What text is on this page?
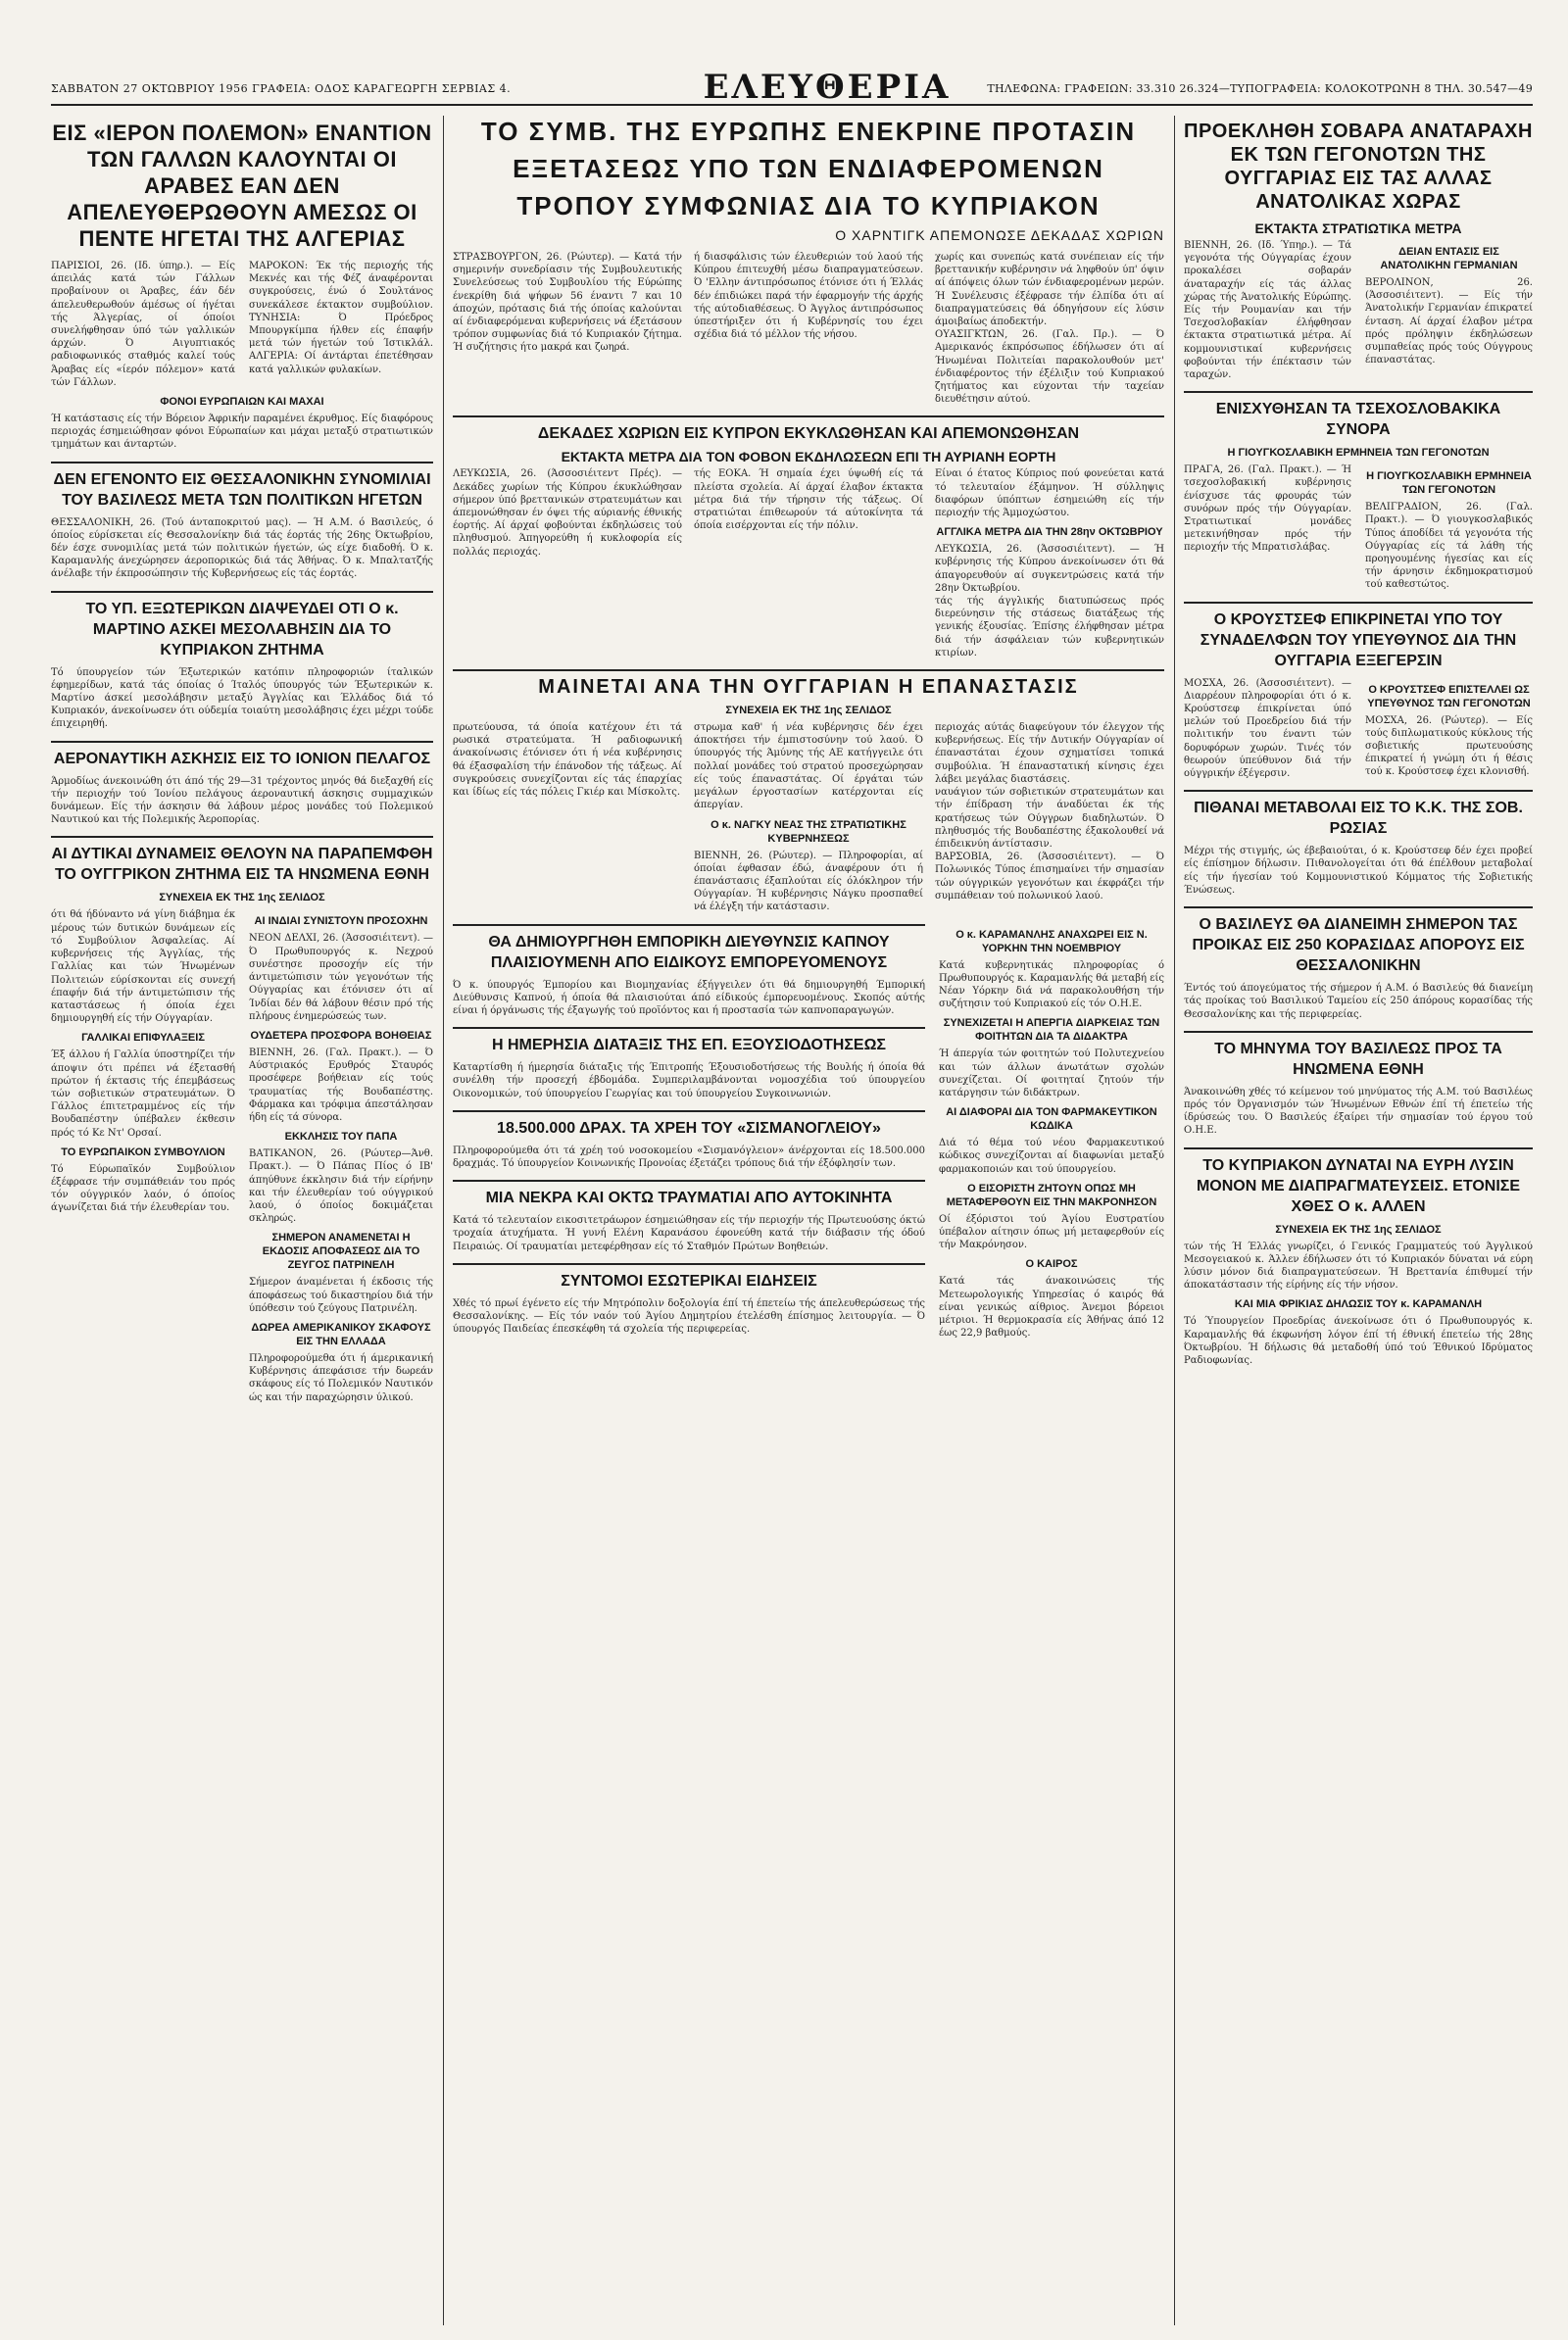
ΣΑΒΒΑΤΟΝ 27 ΟΚΤΩΒΡΙΟΥ 1956 ΓΡΑΦΕΙΑ: ΟΔΟΣ ΚΑΡΑΓΕΩΡΓΗ ΣΕΡΒΙΑΣ 4.	ΕΛΕΥΘΕΡΙΑ	ΤΗΛΕΦΩΝΑ: ΓΡΑΦΕΙΩΝ: 33.310 26.324—ΤΥΠΟΓΡΑΦΕΙΑ: ΚΟΛΟΚΟΤΡΩΝΗ 8 ΤΗΛ. 30.547—49
ΕΙΣ «ΙΕΡΟΝ ΠΟΛΕΜΟΝ» ΕΝΑΝΤΙΟΝ ΤΩΝ ΓΑΛΛΩΝ ΚΑΛΟΥΝΤΑΙ ΟΙ ΑΡΑΒΕΣ ΕΑΝ ΔΕΝ ΑΠΕΛΕΥΘΕΡΩΘΟΥΝ ΑΜΕΣΩΣ ΟΙ ΠΕΝΤΕ ΗΓΕΤΑΙ ΤΗΣ ΑΛΓΕΡΙΑΣ

ΠΑΡΙΣΙΟΙ, 26. (Ιδ. ύπηρ.). — Είς άπειλάς κατά τών Γάλλων προβαίνουν οι Άραβες, έάν δέν άπελευθερωθούν άμέσως οί ήγέται τής Άλγερίας, οί όποίοι συνελήφθησαν ύπό τών γαλλικών άρχών. Ό Αιγυπτιακός ραδιοφωνικός σταθμός καλεί τούς Άραβας είς «ίερόν πόλεμον» κατά τών Γάλλων.

ΜΑΡΟΚΟΝ: Έκ τής περιοχής τής Μεκνές και τής Φέζ άναφέρονται συγκρούσεις, ένώ ό Σουλτάνος συνεκάλεσε έκτακτον συμβούλιον. ΤΥΝΗΣΙΑ: Ό Πρόεδρος Μπουργκίμπα ήλθεν είς έπαφήν μετά τών ήγετών τού Ίστικλάλ. ΑΛΓΕΡΙΑ: Οί άντάρται έπετέθησαν κατά γαλλικών φυλακίων.

ΦΟΝΟΙ ΕΥΡΩΠΑΙΩΝ ΚΑΙ ΜΑΧΑΙ

Ή κατάστασις είς τήν Βόρειον Άφρικήν παραμένει έκρυθμος. Είς διαφόρους περιοχάς έσημειώθησαν φόνοι Εύρωπαίων και μάχαι μεταξύ στρατιωτικών τμημάτων και άνταρτών.

ΔΕΝ ΕΓΕΝΟΝΤΟ ΕΙΣ ΘΕΣΣΑΛΟΝΙΚΗΝ ΣΥΝΟΜΙΛΙΑΙ ΤΟΥ ΒΑΣΙΛΕΩΣ ΜΕΤΑ ΤΩΝ ΠΟΛΙΤΙΚΩΝ ΗΓΕΤΩΝ

ΘΕΣΣΑΛΟΝΙΚΗ, 26. (Τού άνταποκριτού μας). — Ή Α.Μ. ό Βασιλεύς, ό όποίος εύρίσκεται είς Θεσσαλονίκην διά τάς έορτάς τής 26ης Όκτωβρίου, δέν έσχε συνομιλίας μετά τών πολιτικών ήγετών, ώς είχε διαδοθή. Ό κ. Καραμανλής άνεχώρησεν άεροπορικώς διά τάς Άθήνας. Ό κ. Μπαλτατζής άνέλαβε τήν έκπροσώπησιν τής Κυβερνήσεως είς τάς έορτάς.

ΤΟ ΥΠ. ΕΞΩΤΕΡΙΚΩΝ ΔΙΑΨΕΥΔΕΙ ΟΤΙ Ο κ. ΜΑΡΤΙΝΟ ΑΣΚΕΙ ΜΕΣΟΛΑΒΗΣΙΝ ΔΙΑ ΤΟ ΚΥΠΡΙΑΚΟΝ ΖΗΤΗΜΑ

Τό ύπουργείον τών Έξωτερικών κατόπιν πληροφοριών ίταλικών έφημερίδων, κατά τάς όποίας ό Ίταλός ύπουργός τών Έξωτερικών κ. Μαρτίνο άσκεί μεσολάβησιν μεταξύ Άγγλίας και Έλλάδος διά τό Κυπριακόν, άνεκοίνωσεν ότι ούδεμία τοιαύτη μεσολάβησις έχει μέχρι τούδε έπιχειρηθή.

ΑΕΡΟΝΑΥΤΙΚΗ ΑΣΚΗΣΙΣ ΕΙΣ ΤΟ ΙΟΝΙΟΝ ΠΕΛΑΓΟΣ

Άρμοδίως άνεκοινώθη ότι άπό τής 29—31 τρέχοντος μηνός θά διεξαχθή είς τήν περιοχήν τού Ίονίου πελάγους άεροναυτική άσκησις συμμαχικών δυνάμεων. Είς τήν άσκησιν θά λάβουν μέρος μονάδες τού Πολεμικού Ναυτικού και τής Πολεμικής Άεροπορίας.

ΑΙ ΔΥΤΙΚΑΙ ΔΥΝΑΜΕΙΣ ΘΕΛΟΥΝ ΝΑ ΠΑΡΑΠΕΜΦΘΗ ΤΟ ΟΥΓΓΡΙΚΟΝ ΖΗΤΗΜΑ ΕΙΣ ΤΑ ΗΝΩΜΕΝΑ ΕΘΝΗ
ΣΥΝΕΧΕΙΑ ΕΚ ΤΗΣ 1ης ΣΕΛΙΔΟΣ

ότι θά ήδύναντο νά γίνη διάβημα έκ μέρους τών δυτικών δυνάμεων είς τό Συμβούλιον Άσφαλείας. Αί κυβερνήσεις τής Άγγλίας, τής Γαλλίας και τών Ήνωμένων Πολιτειών εύρίσκονται είς συνεχή έπαφήν διά τήν άντιμετώπισιν τής καταστάσεως ή όποία έχει δημιουργηθή είς τήν Ούγγαρίαν.

ΓΑΛΛΙΚΑΙ ΕΠΙΦΥΛΑΞΕΙΣ

Έξ άλλου ή Γαλλία ύποστηρίζει τήν άποψιν ότι πρέπει νά έξετασθή πρώτον ή έκτασις τής έπεμβάσεως τών σοβιετικών στρατευμάτων. Ό Γάλλος έπιτετραμμένος είς τήν Βουδαπέστην ύπέβαλεν έκθεσιν πρός τό Κε Ντ' Ορσαί.

ΤΟ ΕΥΡΩΠΑΙΚΟΝ ΣΥΜΒΟΥΛΙΟΝ

Τό Εύρωπαϊκόν Συμβούλιον έξέφρασε τήν συμπάθειάν του πρός τόν ούγγρικόν λαόν, ό όποίος άγωνίζεται διά τήν έλευθερίαν του.

ΑΙ ΙΝΔΙΑΙ ΣΥΝΙΣΤΟΥΝ ΠΡΟΣΟΧΗΝ

ΝΕΟΝ ΔΕΛΧΙ, 26. (Άσσοσιέιτεντ). — Ό Πρωθυπουργός κ. Νεχρού συνέστησε προσοχήν είς τήν άντιμετώπισιν τών γεγονότων τής Ούγγαρίας και έτόνισεν ότι αί Ίνδίαι δέν θά λάβουν θέσιν πρό τής πλήρους ένημερώσεώς των.

ΟΥΔΕΤΕΡΑ ΠΡΟΣΦΟΡΑ ΒΟΗΘΕΙΑΣ

ΒΙΕΝΝΗ, 26. (Γαλ. Πρακτ.). — Ό Αύστριακός Ερυθρός Σταυρός προσέφερε βοήθειαν είς τούς τραυματίας τής Βουδαπέστης. Φάρμακα και τρόφιμα άπεστάλησαν ήδη είς τά σύνορα.

ΕΚΚΛΗΣΙΣ ΤΟΥ ΠΑΠΑ

ΒΑΤΙΚΑΝΟΝ, 26. (Ρώυτερ—Άνθ. Πρακτ.). — Ό Πάπας Πίος ό ΙΒ' άπηύθυνε έκκλησιν διά τήν είρήνην και τήν έλευθερίαν τού ούγγρικού λαού, ό όποίος δοκιμάζεται σκληρώς.

ΣΗΜΕΡΟΝ ΑΝΑΜΕΝΕΤΑΙ Η ΕΚΔΟΣΙΣ ΑΠΟΦΑΣΕΩΣ ΔΙΑ ΤΟ ΖΕΥΓΟΣ ΠΑΤΡΙΝΕΛΗ

Σήμερον άναμένεται ή έκδοσις τής άποφάσεως τού δικαστηρίου διά τήν ύπόθεσιν τού ζεύγους Πατρινέλη.

ΔΩΡΕΑ ΑΜΕΡΙΚΑΝΙΚΟΥ ΣΚΑΦΟΥΣ ΕΙΣ ΤΗΝ ΕΛΛΑΔΑ

Πληροφορούμεθα ότι ή άμερικανική Κυβέρνησις άπεφάσισε τήν δωρεάν σκάφους είς τό Πολεμικόν Ναυτικόν ώς και τήν παραχώρησιν ύλικού.

ΤΟ ΣΥΜΒ. ΤΗΣ ΕΥΡΩΠΗΣ ΕΝΕΚΡΙΝΕ ΠΡΟΤΑΣΙΝ
ΕΞΕΤΑΣΕΩΣ ΥΠΟ ΤΩΝ ΕΝΔΙΑΦΕΡΟΜΕΝΩΝ
ΤΡΟΠΟΥ ΣΥΜΦΩΝΙΑΣ ΔΙΑ ΤΟ ΚΥΠΡΙΑΚΟΝ
Ο ΧΑΡΝΤΙΓΚ ΑΠΕΜΟΝΩΣΕ ΔΕΚΑΔΑΣ ΧΩΡΙΩΝ

ΣΤΡΑΣΒΟΥΡΓΟΝ, 26. (Ρώυτερ). — Κατά τήν σημερινήν συνεδρίασιν τής Συμβουλευτικής Συνελεύσεως τού Συμβουλίου τής Εύρώπης ένεκρίθη διά ψήφων 56 έναντι 7 και 10 άποχών, πρότασις διά τής όποίας καλούνται αί ένδιαφερόμεναι κυβερνήσεις νά έξετάσουν τρόπον συμφωνίας διά τό Κυπριακόν ζήτημα. Ή συζήτησις ήτο μακρά και ζωηρά.

ή διασφάλισις τών έλευθεριών τού λαού τής Κύπρου έπιτευχθή μέσω διαπραγματεύσεων. Ό 'Ελλην άντιπρόσωπος έτόνισε ότι ή Έλλάς δέν έπιδιώκει παρά τήν έφαρμογήν τής άρχής τής αύτοδιαθέσεως. Ό Άγγλος άντιπρόσωπος ύπεστήριξεν ότι ή Κυβέρνησίς του έχει σχέδια διά τό μέλλον τής νήσου.

χωρίς και συνεπώς κατά συνέπειαν είς τήν βρεττανικήν κυβέρνησιν νά ληφθούν ύπ' όψιν αί άπόψεις όλων τών ένδιαφερομένων μερών. Ή Συνέλευσις έξέφρασε τήν έλπίδα ότι αί διαπραγματεύσεις θά όδηγήσουν είς λύσιν άμοιβαίως άποδεκτήν.

ΟΥΑΣΙΓΚΤΩΝ, 26. (Γαλ. Πρ.). — Ό Αμερικανός έκπρόσωπος έδήλωσεν ότι αί Ήνωμέναι Πολιτείαι παρακολουθούν μετ' ένδιαφέροντος τήν έξέλιξιν τού Κυπριακού ζητήματος και εύχονται τήν ταχείαν διευθέτησιν αύτού.

ΔΕΚΑΔΕΣ ΧΩΡΙΩΝ ΕΙΣ ΚΥΠΡΟΝ ΕΚΥΚΛΩΘΗΣΑΝ ΚΑΙ ΑΠΕΜΟΝΩΘΗΣΑΝ
ΕΚΤΑΚΤΑ ΜΕΤΡΑ ΔΙΑ ΤΟΝ ΦΟΒΟΝ ΕΚΔΗΛΩΣΕΩΝ ΕΠΙ ΤΗ ΑΥΡΙΑΝΗ ΕΟΡΤΗ

ΛΕΥΚΩΣΙΑ, 26. (Άσσοσιέιτεντ Πρές). — Δεκάδες χωρίων τής Κύπρου έκυκλώθησαν σήμερον ύπό βρεττανικών στρατευμάτων και άπεμονώθησαν έν όψει τής αύριανής έθνικής έορτής. Αί άρχαί φοβούνται έκδηλώσεις τού πληθυσμού. Άπηγορεύθη ή κυκλοφορία είς πολλάς περιοχάς.

τής ΕΟΚΑ. Ή σημαία έχει ύψωθή είς τά πλείστα σχολεία. Αί άρχαί έλαβον έκτακτα μέτρα διά τήν τήρησιν τής τάξεως. Οί στρατιώται έπιθεωρούν τά αύτοκίνητα τά όποία εισέρχονται είς τήν πόλιν.

Είναι ό έτατος Κύπριος πού φονεύεται κατά τό τελευταίον έξάμηνον. Ή σύλληψις διαφόρων ύπόπτων έσημειώθη είς τήν περιοχήν τής Άμμοχώστου.

ΑΓΓΛΙΚΑ ΜΕΤΡΑ ΔΙΑ ΤΗΝ 28ην ΟΚΤΩΒΡΙΟΥ

ΛΕΥΚΩΣΙΑ, 26. (Άσσοσιέιτεντ). — Ή κυβέρνησις τής Κύπρου άνεκοίνωσεν ότι θά άπαγορευθούν αί συγκεντρώσεις κατά τήν 28ην Όκτωβρίου.

τάς τής άγγλικής διατυπώσεως πρός διερεύνησιν τής στάσεως διατάξεως τής γενικής έξουσίας. Έπίσης έλήφθησαν μέτρα διά τήν άσφάλειαν τών κυβερνητικών κτιρίων.

ΜΑΙΝΕΤΑΙ ΑΝΑ ΤΗΝ ΟΥΓΓΑΡΙΑΝ Η ΕΠΑΝΑΣΤΑΣΙΣ
ΣΥΝΕΧΕΙΑ ΕΚ ΤΗΣ 1ης ΣΕΛΙΔΟΣ

πρωτεύουσα, τά όποία κατέχουν έτι τά ρωσικά στρατεύματα. Ή ραδιοφωνική άνακοίνωσις έτόνισεν ότι ή νέα κυβέρνησις θά έξασφαλίση τήν έπάνοδον τής τάξεως. Αί συγκρούσεις συνεχίζονται είς τάς έπαρχίας και ίδίως είς τάς πόλεις Γκιέρ και Μίσκολτς.

στρωμα καθ' ή νέα κυβέρνησις δέν έχει άποκτήσει τήν έμπιστοσύνην τού λαού. Ό ύπουργός τής Άμύνης τής ΑΕ κατήγγειλε ότι πολλαί μονάδες τού στρατού προσεχώρησαν είς τούς έπαναστάτας. Οί έργάται τών μεγάλων έργοστασίων κατέρχονται είς άπεργίαν.

Ο κ. ΝΑΓΚΥ ΝΕΑΣ ΤΗΣ ΣΤΡΑΤΙΩΤΙΚΗΣ ΚΥΒΕΡΝΗΣΕΩΣ

ΒΙΕΝΝΗ, 26. (Ρώυτερ). — Πληροφορίαι, αί όποίαι έφθασαν έδώ, άναφέρουν ότι ή έπανάστασις έξαπλούται είς όλόκληρον τήν Ούγγαρίαν. Ή κυβέρνησις Νάγκυ προσπαθεί νά έλέγξη τήν κατάστασιν.

περιοχάς αύτάς διαφεύγουν τόν έλεγχον τής κυβερνήσεως. Είς τήν Δυτικήν Ούγγαρίαν οί έπαναστάται έχουν σχηματίσει τοπικά συμβούλια. Ή έπαναστατική κίνησις έχει λάβει μεγάλας διαστάσεις.

ναυάγιον τών σοβιετικών στρατευμάτων και τήν έπίδραση τήν άναδύεται έκ τής κρατήσεως τών Ούγγρων διαδηλωτών. Ό πληθυσμός τής Βουδαπέστης έξακολουθεί νά έπιδεικνύη άντίστασιν.

ΒΑΡΣΟΒΙΑ, 26. (Άσσοσιέιτεντ). — Ό Πολωνικός Τύπος έπισημαίνει τήν σημασίαν τών ούγγρικών γεγονότων και έκφράζει τήν συμπάθειαν τού πολωνικού λαού.

ΘΑ ΔΗΜΙΟΥΡΓΗΘΗ ΕΜΠΟΡΙΚΗ ΔΙΕΥΘΥΝΣΙΣ ΚΑΠΝΟΥ ΠΛΑΙΣΙΟΥΜΕΝΗ ΑΠΟ ΕΙΔΙΚΟΥΣ ΕΜΠΟΡΕΥΟΜΕΝΟΥΣ

Ό κ. ύπουργός Έμπορίου και Βιομηχανίας έξήγγειλεν ότι θά δημιουργηθή Έμπορική Διεύθυνσις Καπνού, ή όποία θά πλαισιούται άπό είδικούς έμπορευομένους. Σκοπός αύτής είναι ή όργάνωσις τής έξαγωγής τού προϊόντος και ή προστασία τών καπνοπαραγωγών.

Η ΗΜΕΡΗΣΙΑ ΔΙΑΤΑΞΙΣ ΤΗΣ ΕΠ. ΕΞΟΥΣΙΟΔΟΤΗΣΕΩΣ

Καταρτίσθη ή ήμερησία διάταξις τής Έπιτροπής Έξουσιοδοτήσεως τής Βουλής ή όποία θά συνέλθη τήν προσεχή έβδομάδα. Συμπεριλαμβάνονται νομοσχέδια τού ύπουργείου Οικονομικών, τού ύπουργείου Γεωργίας και τού ύπουργείου Συγκοινωνιών.

18.500.000 ΔΡΑΧ. ΤΑ ΧΡΕΗ ΤΟΥ «ΣΙΣΜΑΝΟΓΛΕΙΟΥ»

Πληροφορούμεθα ότι τά χρέη τού νοσοκομείου «Σισμανόγλειον» άνέρχονται είς 18.500.000 δραχμάς. Τό ύπουργείον Κοινωνικής Προνοίας έξετάζει τρόπους διά τήν έξόφλησίν των.

ΜΙΑ ΝΕΚΡΑ ΚΑΙ ΟΚΤΩ ΤΡΑΥΜΑΤΙΑΙ ΑΠΟ ΑΥΤΟΚΙΝΗΤΑ

Κατά τό τελευταίον εικοσιτετράωρον έσημειώθησαν είς τήν περιοχήν τής Πρωτευούσης όκτώ τροχαία άτυχήματα. Ή γυνή Ελένη Καρανάσου έφονεύθη κατά τήν διάβασιν τής όδού Πειραιώς. Οί τραυματίαι μετεφέρθησαν είς τό Σταθμόν Πρώτων Βοηθειών.

ΣΥΝΤΟΜΟΙ ΕΣΩΤΕΡΙΚΑΙ ΕΙΔΗΣΕΙΣ

Χθές τό πρωί έγένετο είς τήν Μητρόπολιν δοξολογία έπί τή έπετείω τής άπελευθερώσεως τής Θεσσαλονίκης. — Είς τόν ναόν τού Άγίου Δημητρίου έτελέσθη έπίσημος λειτουργία. — Ό ύπουργός Παιδείας έπεσκέφθη τά σχολεία τής περιφερείας.

Ο κ. ΚΑΡΑΜΑΝΛΗΣ ΑΝΑΧΩΡΕΙ ΕΙΣ Ν. ΥΟΡΚΗΝ ΤΗΝ ΝΟΕΜΒΡΙΟΥ

Κατά κυβερνητικάς πληροφορίας ό Πρωθυπουργός κ. Καραμανλής θά μεταβή είς Νέαν Υόρκην διά νά παρακολουθήση τήν συζήτησιν τού Κυπριακού είς τόν Ο.Η.Ε.

ΣΥΝΕΧΙΖΕΤΑΙ Η ΑΠΕΡΓΙΑ ΔΙΑΡΚΕΙΑΣ ΤΩΝ ΦΟΙΤΗΤΩΝ ΔΙΑ ΤΑ ΔΙΔΑΚΤΡΑ

Ή άπεργία τών φοιτητών τού Πολυτεχνείου και τών άλλων άνωτάτων σχολών συνεχίζεται. Οί φοιτηταί ζητούν τήν κατάργησιν τών διδάκτρων.

ΑΙ ΔΙΑΦΟΡΑΙ ΔΙΑ ΤΟΝ ΦΑΡΜΑΚΕΥΤΙΚΟΝ ΚΩΔΙΚΑ

Διά τό θέμα τού νέου Φαρμακευτικού κώδικος συνεχίζονται αί διαφωνίαι μεταξύ φαρμακοποιών και τού ύπουργείου.

Ο ΕΙΣΟΡΙΣΤΗ ΖΗΤΟΥΝ ΟΠΩΣ ΜΗ ΜΕΤΑΦΕΡΘΟΥΝ ΕΙΣ ΤΗΝ ΜΑΚΡΟΝΗΣΟΝ

Οί έξόριστοι τού Άγίου Ευστρατίου ύπέβαλον αίτησιν όπως μή μεταφερθούν είς τήν Μακρόνησον.

Ο ΚΑΙΡΟΣ

Κατά τάς άνακοινώσεις τής Μετεωρολογικής Υπηρεσίας ό καιρός θά είναι γενικώς αίθριος. Άνεμοι βόρειοι μέτριοι. Ή θερμοκρασία είς Άθήνας άπό 12 έως 22,9 βαθμούς.

ΠΡΟΕΚΛΗΘΗ ΣΟΒΑΡΑ ΑΝΑΤΑΡΑΧΗ ΕΚ ΤΩΝ ΓΕΓΟΝΟΤΩΝ ΤΗΣ ΟΥΓΓΑΡΙΑΣ ΕΙΣ ΤΑΣ ΑΛΛΑΣ ΑΝΑΤΟΛΙΚΑΣ ΧΩΡΑΣ
ΕΚΤΑΚΤΑ ΣΤΡΑΤΙΩΤΙΚΑ ΜΕΤΡΑ

ΒΙΕΝΝΗ, 26. (Ιδ. Ύπηρ.). — Τά γεγονότα τής Ούγγαρίας έχουν προκαλέσει σοβαράν άναταραχήν είς τάς άλλας χώρας τής Άνατολικής Εύρώπης. Είς τήν Ρουμανίαν και τήν Τσεχοσλοβακίαν έλήφθησαν έκτακτα στρατιωτικά μέτρα. Αί κομμουνιστικαί κυβερνήσεις φοβούνται τήν έπέκτασιν τών ταραχών.

ΔΕΙΑΝ ΕΝΤΑΣΙΣ ΕΙΣ ΑΝΑΤΟΛΙΚΗΝ ΓΕΡΜΑΝΙΑΝ

ΒΕΡΟΛΙΝΟΝ, 26. (Άσσοσιέιτεντ). — Είς τήν Άνατολικήν Γερμανίαν έπικρατεί ένταση. Αί άρχαί έλαβον μέτρα πρός πρόληψιν έκδηλώσεων συμπαθείας πρός τούς Ούγγρους έπαναστάτας.

ΕΝΙΣΧΥΘΗΣΑΝ ΤΑ ΤΣΕΧΟΣΛΟΒΑΚΙΚΑ ΣΥΝΟΡΑ
Η ΓΙΟΥΓΚΟΣΛΑΒΙΚΗ ΕΡΜΗΝΕΙΑ ΤΩΝ ΓΕΓΟΝΟΤΩΝ

ΠΡΑΓΑ, 26. (Γαλ. Πρακτ.). — Ή τσεχοσλοβακική κυβέρνησις ένίσχυσε τάς φρουράς τών συνόρων πρός τήν Ούγγαρίαν. Στρατιωτικαί μονάδες μετεκινήθησαν πρός τήν περιοχήν τής Μπρατισλάβας.

Η ΓΙΟΥΓΚΟΣΛΑΒΙΚΗ ΕΡΜΗΝΕΙΑ ΤΩΝ ΓΕΓΟΝΟΤΩΝ

ΒΕΛΙΓΡΑΔΙΟΝ, 26. (Γαλ. Πρακτ.). — Ό γιουγκοσλαβικός Τύπος άποδίδει τά γεγονότα τής Ούγγαρίας είς τά λάθη τής προηγουμένης ήγεσίας και είς τήν άρνησιν έκδημοκρατισμού τού καθεστώτος.

Ο ΚΡΟΥΣΤΣΕΦ ΕΠΙΚΡΙΝΕΤΑΙ ΥΠΟ ΤΟΥ ΣΥΝΑΔΕΛΦΩΝ ΤΟΥ ΥΠΕΥΘΥΝΟΣ ΔΙΑ ΤΗΝ ΟΥΓΓΑΡΙΑ ΕΞΕΓΕΡΣΙΝ

ΜΟΣΧΑ, 26. (Άσσοσιέιτεντ). — Διαρρέουν πληροφορίαι ότι ό κ. Κρούστσεφ έπικρίνεται ύπό μελών τού Προεδρείου διά τήν πολιτικήν του έναντι τών δορυφόρων χωρών. Τινές τόν θεωρούν ύπεύθυνον διά τήν ούγγρικήν έξέγερσιν.

Ο ΚΡΟΥΣΤΣΕΦ ΕΠΙΣΤΕΛΛΕΙ ΩΣ ΥΠΕΥΘΥΝΟΣ ΤΩΝ ΓΕΓΟΝΟΤΩΝ

ΜΟΣΧΑ, 26. (Ρώυτερ). — Είς τούς διπλωματικούς κύκλους τής σοβιετικής πρωτευούσης έπικρατεί ή γνώμη ότι ή θέσις τού κ. Κρούστσεφ έχει κλονισθή.

ΠΙΘΑΝΑΙ ΜΕΤΑΒΟΛΑΙ ΕΙΣ ΤΟ Κ.Κ. ΤΗΣ ΣΟΒ. ΡΩΣΙΑΣ

Μέχρι τής στιγμής, ώς έβεβαιούται, ό κ. Κρούστσεφ δέν έχει προβεί είς έπίσημον δήλωσιν. Πιθανολογείται ότι θά έπέλθουν μεταβολαί είς τήν ήγεσίαν τού Κομμουνιστικού Κόμματος τής Σοβιετικής Ένώσεως.

Ο ΒΑΣΙΛΕΥΣ ΘΑ ΔΙΑΝΕΙΜΗ ΣΗΜΕΡΟΝ ΤΑΣ ΠΡΟΙΚΑΣ ΕΙΣ 250 ΚΟΡΑΣΙΔΑΣ ΑΠΟΡΟΥΣ ΕΙΣ ΘΕΣΣΑΛΟΝΙΚΗΝ

Έντός τού άπογεύματος τής σήμερον ή Α.Μ. ό Βασιλεύς θά διανείμη τάς προίκας τού Βασιλικού Ταμείου είς 250 άπόρους κορασίδας τής Θεσσαλονίκης και τής περιφερείας.

ΤΟ ΜΗΝΥΜΑ ΤΟΥ ΒΑΣΙΛΕΩΣ ΠΡΟΣ ΤΑ ΗΝΩΜΕΝΑ ΕΘΝΗ

Άνακοινώθη χθές τό κείμενον τού μηνύματος τής Α.Μ. τού Βασιλέως πρός τόν Όργανισμόν τών Ήνωμένων Εθνών έπί τή έπετείω τής ίδρύσεώς του. Ό Βασιλεύς έξαίρει τήν σημασίαν τού έργου τού Ο.Η.Ε.

ΤΟ ΚΥΠΡΙΑΚΟΝ ΔΥΝΑΤΑΙ ΝΑ ΕΥΡΗ ΛΥΣΙΝ ΜΟΝΟΝ ΜΕ ΔΙΑΠΡΑΓΜΑΤΕΥΣΕΙΣ. ΕΤΟΝΙΣΕ ΧΘΕΣ Ο κ. ΑΛΛΕΝ
ΣΥΝΕΧΕΙΑ ΕΚ ΤΗΣ 1ης ΣΕΛΙΔΟΣ

τών τής Ή Έλλάς γνωρίζει, ό Γενικός Γραμματεύς τού Άγγλικού Μεσογειακού κ. Άλλεν έδήλωσεν ότι τό Κυπριακόν δύναται νά εύρη λύσιν μόνον διά διαπραγματεύσεων. Ή Βρεττανία έπιθυμεί τήν άποκατάστασιν τής είρήνης είς τήν νήσον.

ΚΑΙ ΜΙΑ ΦΡΙΚΙΑΣ ΔΗΛΩΣΙΣ ΤΟΥ κ. ΚΑΡΑΜΑΝΛΗ

Τό Ύπουργείον Προεδρίας άνεκοίνωσε ότι ό Πρωθυπουργός κ. Καραμανλής θά έκφωνήση λόγον έπί τή έθνική έπετείω τής 28ης Όκτωβρίου. Ή δήλωσις θά μεταδοθή ύπό τού Έθνικού Ιδρύματος Ραδιοφωνίας.
